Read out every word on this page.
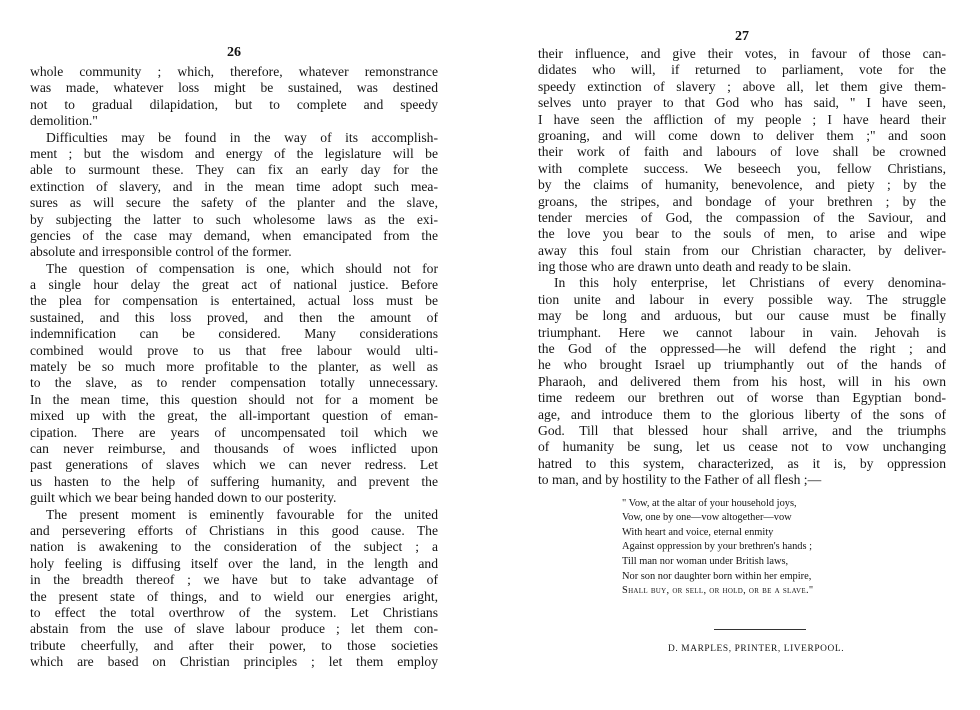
26
whole community ; which, therefore, whatever remonstrance
was made, whatever loss might be sustained, was destined
not to gradual dilapidation, but to complete and speedy
demolition."
Difficulties may be found in the way of its accomplish-
ment ; but the wisdom and energy of the legislature will be
able to surmount these. They can fix an early day for the
extinction of slavery, and in the mean time adopt such mea-
sures as will secure the safety of the planter and the slave,
by subjecting the latter to such wholesome laws as the exi-
gencies of the case may demand, when emancipated from the
absolute and irresponsible control of the former.
The question of compensation is one, which should not for
a single hour delay the great act of national justice. Before
the plea for compensation is entertained, actual loss must be
sustained, and this loss proved, and then the amount of
indemnification can be considered. Many considerations
combined would prove to us that free labour would ulti-
mately be so much more profitable to the planter, as well as
to the slave, as to render compensation totally unnecessary.
In the mean time, this question should not for a moment be
mixed up with the great, the all-important question of eman-
cipation. There are years of uncompensated toil which we
can never reimburse, and thousands of woes inflicted upon
past generations of slaves which we can never redress. Let
us hasten to the help of suffering humanity, and prevent the
guilt which we bear being handed down to our posterity.
The present moment is eminently favourable for the united
and persevering efforts of Christians in this good cause. The
nation is awakening to the consideration of the subject ; a
holy feeling is diffusing itself over the land, in the length and
in the breadth thereof ; we have but to take advantage of
the present state of things, and to wield our energies aright,
to effect the total overthrow of the system. Let Christians
abstain from the use of slave labour produce ; let them con-
tribute cheerfully, and after their power, to those societies
which are based on Christian principles ; let them employ
27
their influence, and give their votes, in favour of those can-
didates who will, if returned to parliament, vote for the
speedy extinction of slavery ; above all, let them give them-
selves unto prayer to that God who has said, " I have seen,
I have seen the affliction of my people ; I have heard their
groaning, and will come down to deliver them ;" and soon
their work of faith and labours of love shall be crowned
with complete success. We beseech you, fellow Christians,
by the claims of humanity, benevolence, and piety ; by the
groans, the stripes, and bondage of your brethren ; by the
tender mercies of God, the compassion of the Saviour, and
the love you bear to the souls of men, to arise and wipe
away this foul stain from our Christian character, by deliver-
ing those who are drawn unto death and ready to be slain.
In this holy enterprise, let Christians of every denomina-
tion unite and labour in every possible way. The struggle
may be long and arduous, but our cause must be finally
triumphant. Here we cannot labour in vain. Jehovah is
the God of the oppressed—he will defend the right ; and
he who brought Israel up triumphantly out of the hands of
Pharaoh, and delivered them from his host, will in his own
time redeem our brethren out of worse than Egyptian bond-
age, and introduce them to the glorious liberty of the sons of
God. Till that blessed hour shall arrive, and the triumphs
of humanity be sung, let us cease not to vow unchanging
hatred to this system, characterized, as it is, by oppression
to man, and by hostility to the Father of all flesh ;—
" Vow, at the altar of your household joys,
Vow, one by one—vow altogether—vow
With heart and voice, eternal enmity
Against oppression by your brethren's hands ;
Till man nor woman under British laws,
Nor son nor daughter born within her empire,
Shall buy, or sell, or hold, or be a slave."
D. MARPLES, PRINTER, LIVERPOOL.
